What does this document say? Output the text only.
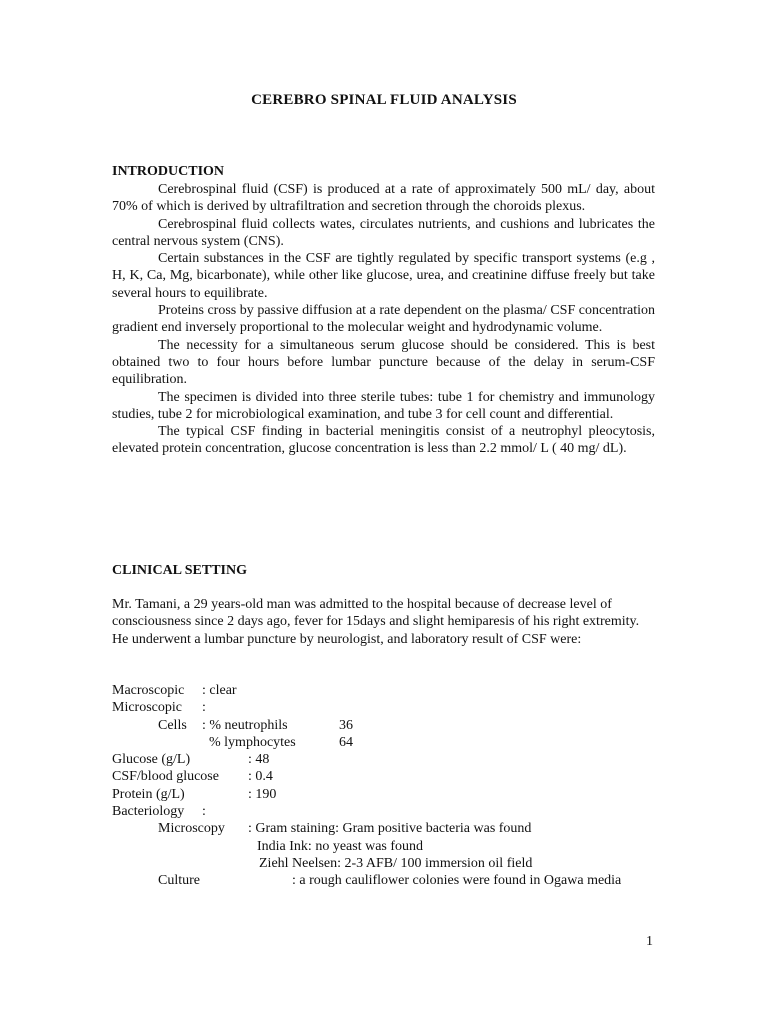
CEREBRO SPINAL FLUID ANALYSIS
INTRODUCTION

Cerebrospinal fluid (CSF) is produced at a rate of approximately 500 mL/ day, about 70% of which is derived by ultrafiltration and secretion through the choroids plexus.

Cerebrospinal fluid collects wates, circulates nutrients, and cushions and lubricates the central nervous system (CNS).

Certain substances in the CSF are tightly regulated by specific transport systems (e.g , H, K, Ca, Mg, bicarbonate), while other like glucose, urea, and creatinine diffuse freely but take several hours to equilibrate.

Proteins cross by passive diffusion at a rate dependent on the plasma/ CSF concentration gradient end inversely proportional to the molecular weight and hydrodynamic volume.

The necessity for a simultaneous serum glucose should be considered. This is best obtained two to four hours before lumbar puncture because of the delay in serum-CSF equilibration.

The specimen is divided into three sterile tubes: tube 1 for chemistry and immunology studies, tube 2 for microbiological examination, and tube 3 for cell count and differential.

The typical CSF finding in bacterial meningitis consist of a neutrophyl pleocytosis, elevated protein concentration, glucose concentration is less than 2.2 mmol/ L ( 40 mg/ dL).

CLINICAL SETTING

Mr. Tamani, a 29 years-old man was admitted to the hospital because of decrease level of consciousness since 2 days ago, fever for 15days and slight hemiparesis of his right extremity. He underwent a lumbar puncture by neurologist, and laboratory result of CSF were:

Macroscopic : clear
Microscopic :
Cells : % neutrophils	36
% lymphocytes	64
Glucose (g/L)	: 48
CSF/blood glucose : 0.4
Protein (g/L)	: 190
Bacteriology :
Microscopy : Gram staining: Gram positive bacteria was found
India Ink: no yeast was found
Ziehl Neelsen: 2-3 AFB/ 100 immersion oil field
Culture	: a rough cauliflower colonies were found in Ogawa media
1
